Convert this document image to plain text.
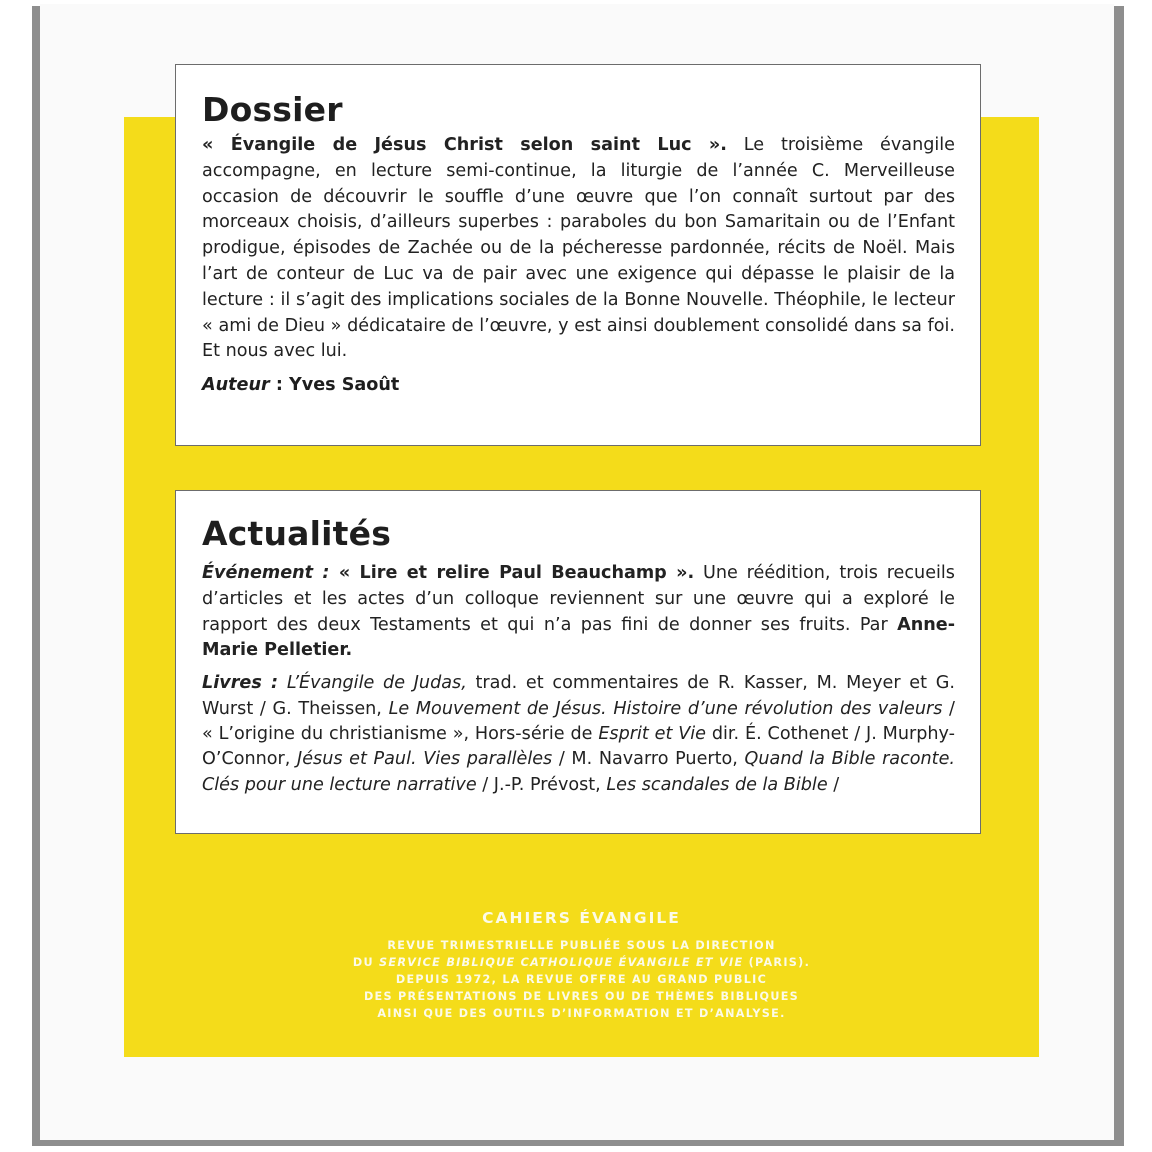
Dossier

« Évangile de Jésus Christ selon saint Luc ». Le troisième évangile accompagne, en lecture semi-continue, la liturgie de l’année C. Merveilleuse occasion de découvrir le souffle d’une œuvre que l’on connaît surtout par des morceaux choisis, d’ailleurs superbes : paraboles du bon Samaritain ou de l’Enfant prodigue, épisodes de Zachée ou de la pécheresse pardonnée, récits de Noël. Mais l’art de conteur de Luc va de pair avec une exigence qui dépasse le plaisir de la lecture : il s’agit des implications sociales de la Bonne Nouvelle. Théophile, le lecteur « ami de Dieu » dédicataire de l’œuvre, y est ainsi doublement consolidé dans sa foi. Et nous avec lui.

Auteur : Yves Saoût
Actualités

Événement : « Lire et relire Paul Beauchamp ». Une réédition, trois recueils d’articles et les actes d’un colloque reviennent sur une œuvre qui a exploré le rapport des deux Testaments et qui n’a pas fini de donner ses fruits. Par Anne-Marie Pelletier.

Livres : L’Évangile de Judas, trad. et commentaires de R. Kasser, M. Meyer et G. Wurst / G. Theissen, Le Mouvement de Jésus. Histoire d’une révolution des valeurs / « L’origine du christianisme », Hors-série de Esprit et Vie dir. É. Cothenet / J. Murphy-O’Connor, Jésus et Paul. Vies parallèles / M. Navarro Puerto, Quand la Bible raconte. Clés pour une lecture narrative / J.-P. Prévost, Les scandales de la Bible /

CAHIERS ÉVANGILE
REVUE TRIMESTRIELLE PUBLIÉE SOUS LA DIRECTION
DU SERVICE BIBLIQUE CATHOLIQUE ÉVANGILE ET VIE (PARIS).
DEPUIS 1972, LA REVUE OFFRE AU GRAND PUBLIC
DES PRÉSENTATIONS DE LIVRES OU DE THÈMES BIBLIQUES
AINSI QUE DES OUTILS D’INFORMATION ET D’ANALYSE.
